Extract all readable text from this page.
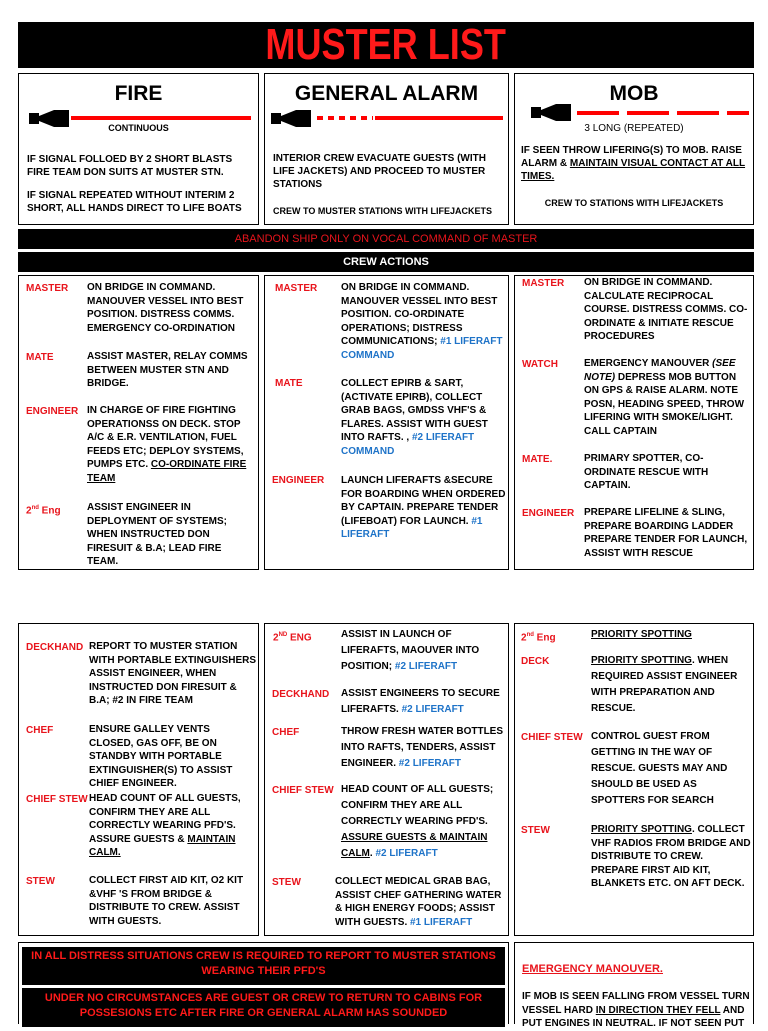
MUSTER LIST
FIRE
CONTINUOUS
IF SIGNAL FOLLOED BY 2 SHORT BLASTS FIRE TEAM DON SUITS AT MUSTER STN.
IF SIGNAL REPEATED WITHOUT INTERIM 2 SHORT, ALL HANDS DIRECT TO LIFE BOATS
GENERAL ALARM
INTERIOR CREW EVACUATE GUESTS (WITH LIFE JACKETS) AND PROCEED TO MUSTER STATIONS
CREW TO MUSTER STATIONS WITH LIFEJACKETS
MOB
3 LONG (REPEATED)
IF SEEN THROW LIFERING(S) TO MOB. RAISE ALARM & MAINTAIN VISUAL CONTACT AT ALL TIMES.
CREW TO STATIONS WITH LIFEJACKETS
ABANDON SHIP ONLY ON VOCAL COMMAND OF MASTER
CREW ACTIONS
MASTER ON BRIDGE IN COMMAND. MANOUVER VESSEL INTO BEST POSITION. DISTRESS COMMS. EMERGENCY CO-ORDINATION
MATE	ASSIST MASTER, RELAY COMMS BETWEEN MUSTER STN AND BRIDGE.
ENGINEER IN CHARGE OF FIRE FIGHTING OPERATIONSS ON DECK. STOP A/C & E.R. VENTILATION, FUEL FEEDS ETC; DEPLOY SYSTEMS, PUMPS ETC. CO-ORDINATE FIRE TEAM
2nd Eng	ASSIST ENGINEER IN DEPLOYMENT OF SYSTEMS; WHEN INSTRUCTED DON FIRESUIT & B.A; LEAD FIRE TEAM.
MASTER ON BRIDGE IN COMMAND. MANOUVER VESSEL INTO BEST POSITION. CO-ORDINATE OPERATIONS; DISTRESS COMMUNICATIONS; #1 LIFERAFT COMMAND
MATE	COLLECT EPIRB & SART, (ACTIVATE EPIRB), COLLECT GRAB BAGS, GMDSS VHF'S & FLARES. ASSIST WITH GUEST INTO RAFTS. , #2 LIFERAFT COMMAND
ENGINEER LAUNCH LIFERAFTS &SECURE FOR BOARDING WHEN ORDERED BY CAPTAIN. PREPARE TENDER (LIFEBOAT) FOR LAUNCH. #1 LIFERAFT
MASTER ON BRIDGE IN COMMAND. CALCULATE RECIPROCAL COURSE. DISTRESS COMMS. CO-ORDINATE & INITIATE RESCUE PROCEDURES
WATCH	EMERGENCY MANOUVER (SEE NOTE) DEPRESS MOB BUTTON ON GPS & RAISE ALARM. NOTE POSN, HEADING SPEED, THROW LIFERING WITH SMOKE/LIGHT. CALL CAPTAIN
MATE.	PRIMARY SPOTTER, CO-ORDINATE RESCUE WITH CAPTAIN.
ENGINEER PREPARE LIFELINE & SLING, PREPARE BOARDING LADDER PREPARE TENDER FOR LAUNCH, ASSIST WITH RESCUE
DECKHAND REPORT TO MUSTER STATION WITH PORTABLE EXTINGUISHERS ASSIST ENGINEER, WHEN INSTRUCTED DON FIRESUIT & B.A; #2 IN FIRE TEAM
CHEF	ENSURE GALLEY VENTS CLOSED, GAS OFF, BE ON STANDBY WITH PORTABLE EXTINGUISHER(S) TO ASSIST CHIEF ENGINEER.
CHIEF STEW HEAD COUNT OF ALL GUESTS, CONFIRM THEY ARE ALL CORRECTLY WEARING PFD'S. ASSURE GUESTS & MAINTAIN CALM.
STEW	COLLECT FIRST AID KIT, O2 KIT &VHF 'S FROM BRIDGE & DISTRIBUTE TO CREW. ASSIST WITH GUESTS.
2ND ENG	ASSIST IN LAUNCH OF LIFERAFTS, MAOUVER INTO POSITION; #2 LIFERAFT
DECKHAND ASSIST ENGINEERS TO SECURE LIFERAFTS. #2 LIFERAFT
CHEF	THROW FRESH WATER BOTTLES INTO RAFTS, TENDERS, ASSIST ENGINEER. #2 LIFERAFT
CHIEF STEW HEAD COUNT OF ALL GUESTS; CONFIRM THEY ARE ALL CORRECTLY WEARING PFD'S. ASSURE GUESTS & MAINTAIN CALM. #2 LIFERAFT
STEW	COLLECT MEDICAL GRAB BAG, ASSIST CHEF GATHERING WATER & HIGH ENERGY FOODS; ASSIST WITH GUESTS. #1 LIFERAFT
2nd Eng	PRIORITY SPOTTING
DECK	PRIORITY SPOTTING. WHEN REQUIRED ASSIST ENGINEER WITH PREPARATION AND RESCUE.
CHIEF STEW CONTROL GUEST FROM GETTING IN THE WAY OF RESCUE. GUESTS MAY AND SHOULD BE USED AS SPOTTERS FOR SEARCH
STEW	PRIORITY SPOTTING. COLLECT VHF RADIOS FROM BRIDGE AND DISTRIBUTE TO CREW. PREPARE FIRST AID KIT, BLANKETS ETC. ON AFT DECK.
IN ALL DISTRESS SITUATIONS CREW IS REQUIRED TO REPORT TO MUSTER STATIONS WEARING THEIR PFD'S
UNDER NO CIRCUMSTANCES ARE GUEST OR CREW TO RETURN TO CABINS FOR POSSESIONS ETC AFTER FIRE OR GENERAL ALARM HAS SOUNDED
EMERGENCY MANOUVER.
IF MOB IS SEEN FALLING FROM VESSEL TURN VESSEL HARD IN DIRECTION THEY FELL AND PUT ENGINES IN NEUTRAL. IF NOT SEEN PUT
